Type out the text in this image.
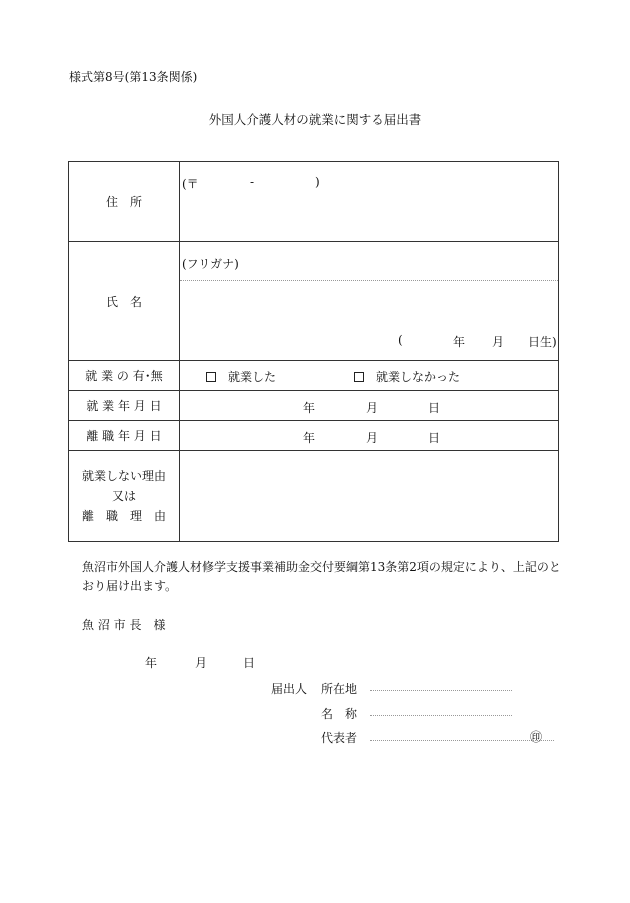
様式第8号(第13条関係)
外国人介護人材の就業に関する届出書
住　所	(〒 - )

氏　名	(フリガナ)
( 年 月 日生)

就 業 の 有･無	就業した 就業しなかった

就 業 年 月 日	年 月 日

離 職 年 月 日	年 月 日

就業しない理由
又は
離　職　理　由	

魚沼市外国人介護人材修学支援事業補助金交付要綱第13条第2項の規定により、上記のとおり届け出ます。
魚 沼 市 長　様
年	月	日
届出人 所在地
名　称
代表者	㊞
